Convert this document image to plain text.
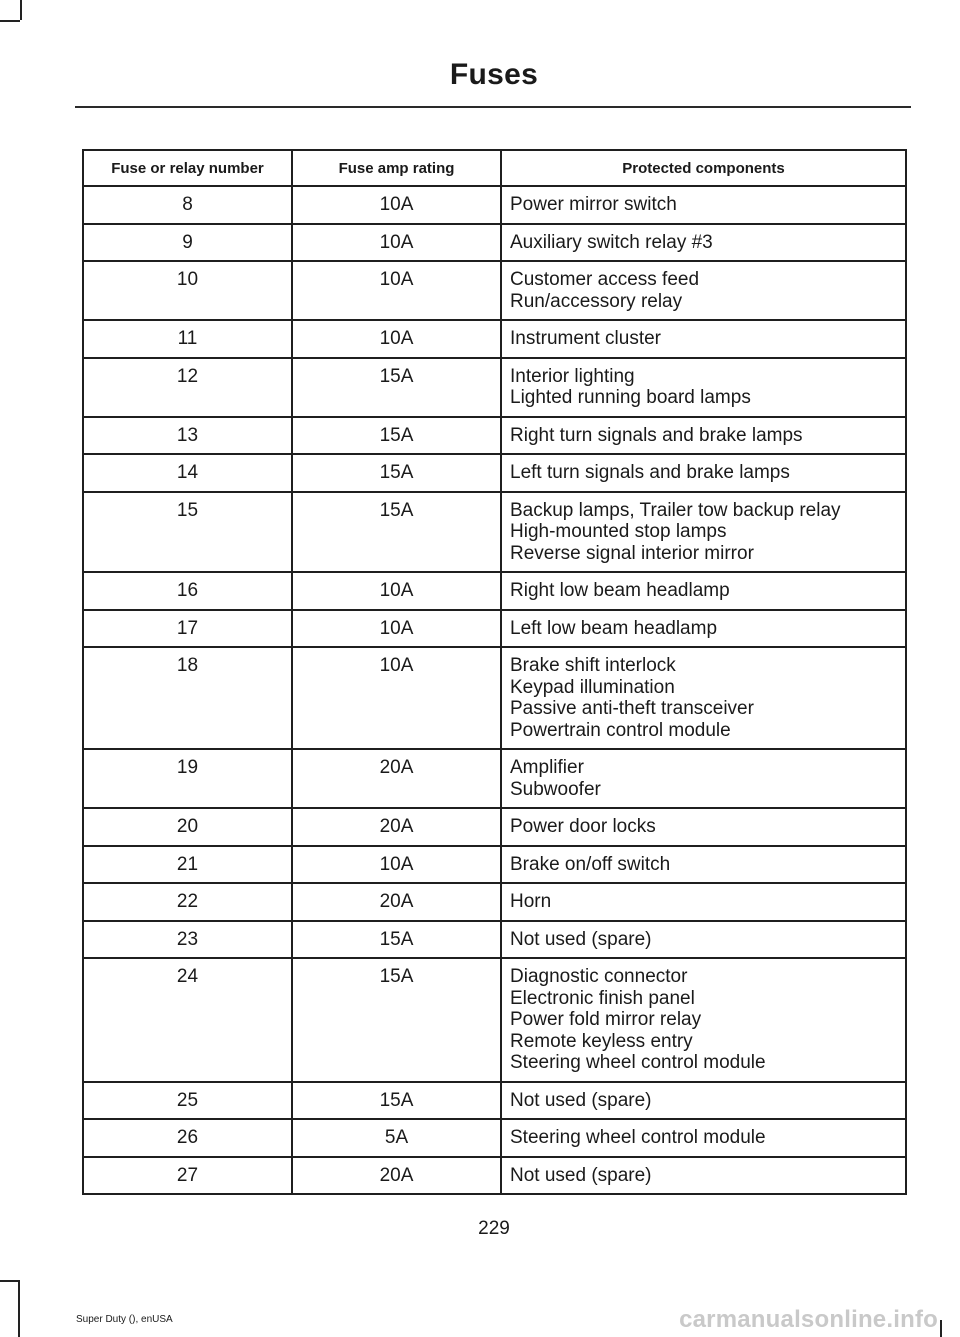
Fuses
Fuse or relay number	Fuse amp rating	Protected components
8	10A	Power mirror switch

9	10A	Auxiliary switch relay #3

10	10A	Customer access feed
Run/accessory relay

11	10A	Instrument cluster

12	15A	Interior lighting
Lighted running board lamps

13	15A	Right turn signals and brake lamps

14	15A	Left turn signals and brake lamps

15	15A	Backup lamps, Trailer tow backup relay
High-mounted stop lamps
Reverse signal interior mirror

16	10A	Right low beam headlamp

17	10A	Left low beam headlamp

18	10A	Brake shift interlock
Keypad illumination
Passive anti-theft transceiver
Powertrain control module

19	20A	Amplifier
Subwoofer

20	20A	Power door locks

21	10A	Brake on/off switch

22	20A	Horn

23	15A	Not used (spare)

24	15A	Diagnostic connector
Electronic finish panel
Power fold mirror relay
Remote keyless entry
Steering wheel control module

25	15A	Not used (spare)

26	5A	Steering wheel control module

27	20A	Not used (spare)
229
Super Duty (), enUSA	carmanualsonline.info
